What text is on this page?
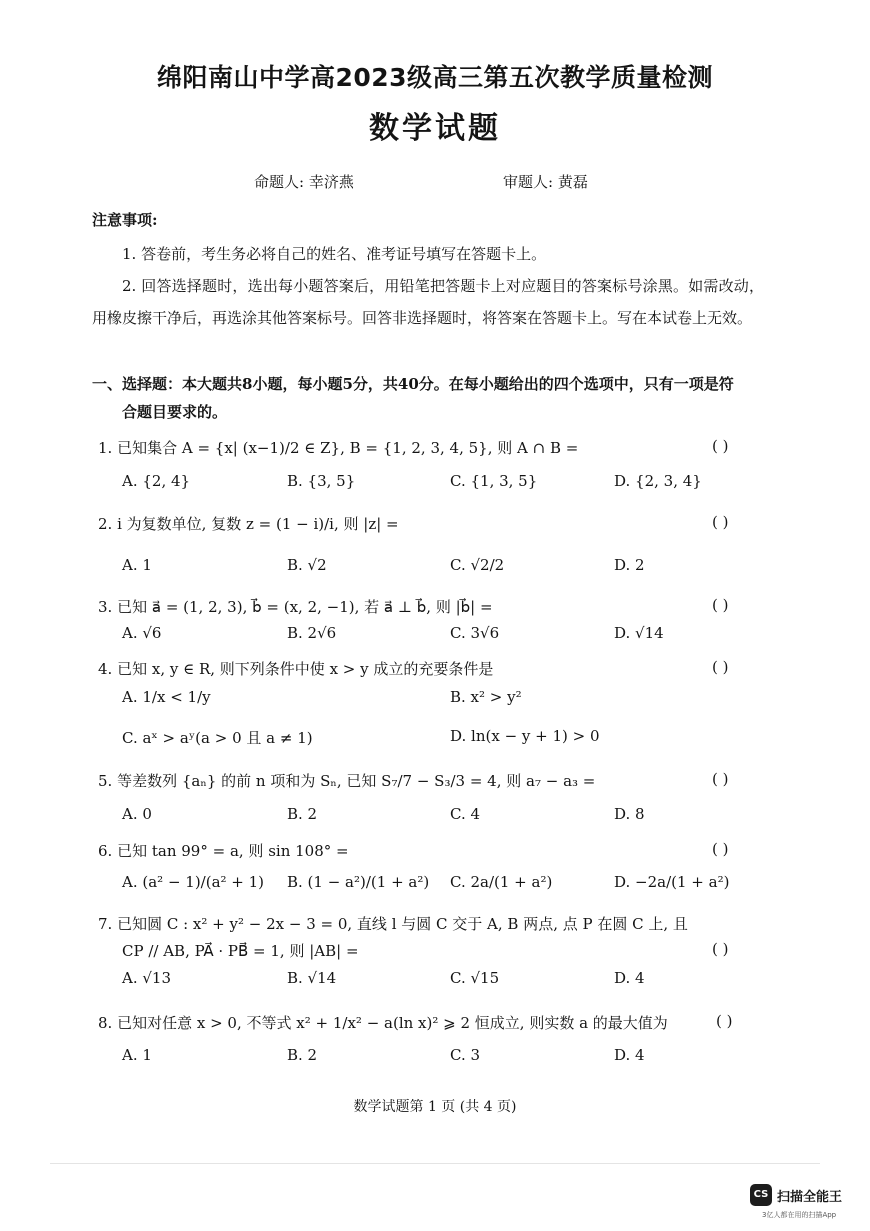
绵阳南山中学高2023级高三第五次教学质量检测
数学试题
命题人: 幸济燕	审题人: 黄磊
注意事项:
1. 答卷前，考生务必将自己的姓名、准考证号填写在答题卡上。
2. 回答选择题时，选出每小题答案后，用铅笔把答题卡上对应题目的答案标号涂黑。如需改动，用橡皮擦干净后，再选涂其他答案标号。回答非选择题时，将答案在答题卡上。写在本试卷上无效。
一、选择题：本大题共8小题，每小题5分，共40分。在每小题给出的四个选项中，只有一项是符
合题目要求的。
1. 已知集合 A = {x| (x−1)/2 ∈ Z}, B = {1, 2, 3, 4, 5}, 则 A ∩ B =	( )
A. {2, 4}	B. {3, 5}	C. {1, 3, 5}	D. {2, 3, 4}
2. i 为复数单位, 复数 z = (1 − i)/i, 则 |z| =	( )
A. 1	B. √2	C. √2/2	D. 2
3. 已知 a⃗ = (1, 2, 3), b⃗ = (x, 2, −1), 若 a⃗ ⊥ b⃗, 则 |b⃗| =	( )
A. √6	B. 2√6	C. 3√6	D. √14
4. 已知 x, y ∈ R, 则下列条件中使 x > y 成立的充要条件是	( )
A. 1/x < 1/y	B. x² > y²
C. aˣ > aʸ(a > 0 且 a ≠ 1)	D. ln(x − y + 1) > 0
5. 等差数列 {aₙ} 的前 n 项和为 Sₙ, 已知 S₇/7 − S₃/3 = 4, 则 a₇ − a₃ =	( )
A. 0	B. 2	C. 4	D. 8
6. 已知 tan 99° = a, 则 sin 108° =	( )
A. (a² − 1)/(a² + 1) B. (1 − a²)/(1 + a²) C. 2a/(1 + a²)	D. −2a/(1 + a²)
7. 已知圆 C : x² + y² − 2x − 3 = 0, 直线 l 与圆 C 交于 A, B 两点, 点 P 在圆 C 上, 且
CP // AB, PA⃗ · PB⃗ = 1, 则 |AB| =	( )
A. √13	B. √14	C. √15	D. 4
8. 已知对任意 x > 0, 不等式 x² + 1/x² − a(ln x)² ⩾ 2 恒成立, 则实数 a 的最大值为	( )
A. 1	B. 2	C. 3	D. 4
数学试题第 1 页 (共 4 页)
CS 扫描全能王
3亿人都在用的扫描App
